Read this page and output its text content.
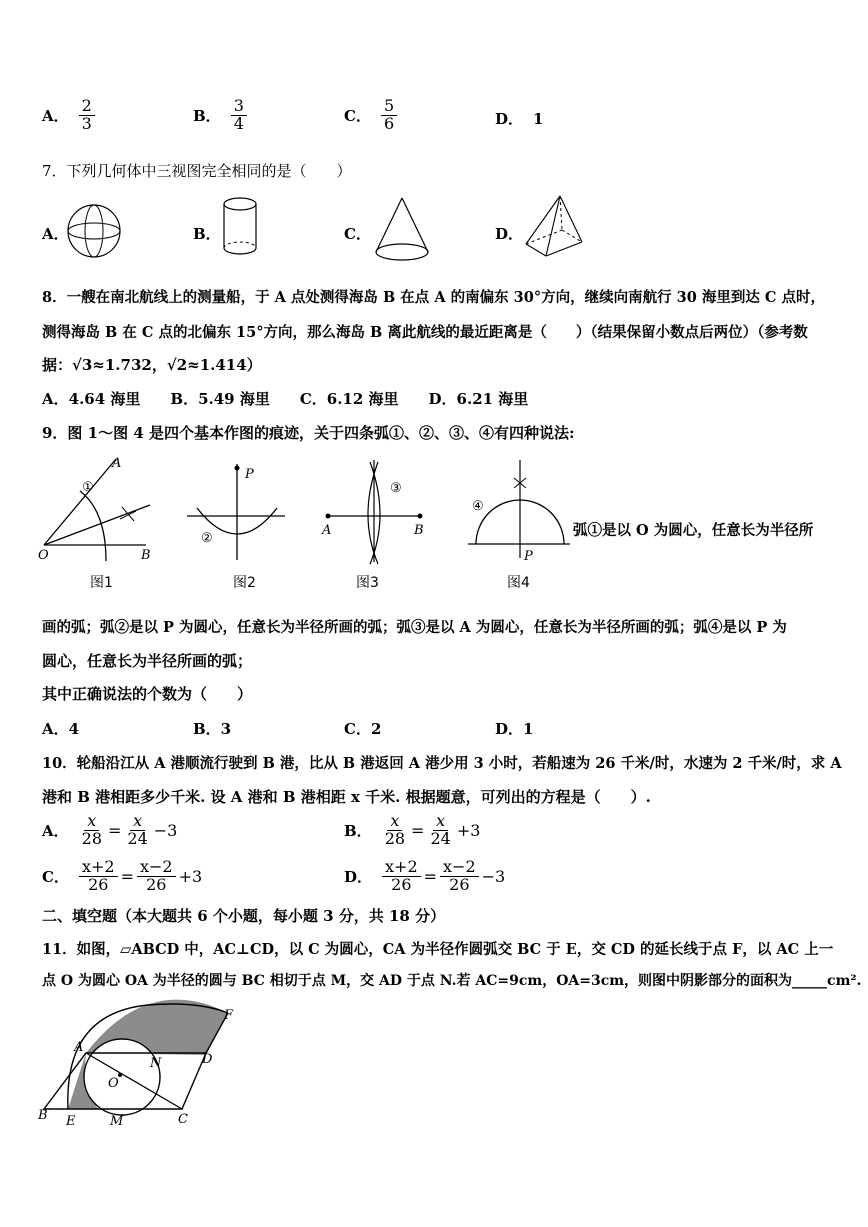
A． $\frac{2}{3}$	B． $\frac{3}{4}$	C． $\frac{5}{6}$	D． 1
7．下列几何体中三视图完全相同的是（　　）
A．	B．	C．	D．
8．一艘在南北航线上的测量船，于 A 点处测得海岛 B 在点 A 的南偏东 30°方向，继续向南航行 30 海里到达 C 点时，
测得海岛 B 在 C 点的北偏东 15°方向，那么海岛 B 离此航线的最近距离是（　　）（结果保留小数点后两位）（参考数
据：√3≈1.732，√2≈1.414）
A．4.64 海里　　B．5.49 海里　　C．6.12 海里　　D．6.21 海里
9．图 1～图 4 是四个基本作图的痕迹，关于四条弧①、②、③、④有四种说法:
A
O	B
①
图1
P
②
图2
A	B
③
图3
P
④
图4
弧①是以 O 为圆心，任意长为半径所
画的弧；弧②是以 P 为圆心，任意长为半径所画的弧；弧③是以 A 为圆心，任意长为半径所画的弧；弧④是以 P 为
圆心，任意长为半径所画的弧；
其中正确说法的个数为（　　）
A．4	B．3	C．2	D．1
10．轮船沿江从 A 港顺流行驶到 B 港，比从 B 港返回 A 港少用 3 小时，若船速为 26 千米/时，水速为 2 千米/时，求 A
港和 B 港相距多少千米. 设 A 港和 B 港相距 x 千米. 根据题意，可列出的方程是（　　）.
A． $\frac{x}{28} = \frac{x}{24} -3$	B． $\frac{x}{28} = \frac{x}{24} +3$
C． $\frac{x+2}{26} = \frac{x-2}{26} +3$	D． $\frac{x+2}{26} = \frac{x-2}{26} -3$
二、填空题（本大题共 6 个小题，每小题 3 分，共 18 分）
11．如图，▱ABCD 中，AC⊥CD，以 C 为圆心，CA 为半径作圆弧交 BC 于 E，交 CD 的延长线于点 F，以 AC 上一
点 O 为圆心 OA 为半径的圆与 BC 相切于点 M，交 AD 于点 N.若 AC=9cm，OA=3cm，则图中阴影部分的面积为_____cm².
A
B	C
D
E
F
M
N
O
